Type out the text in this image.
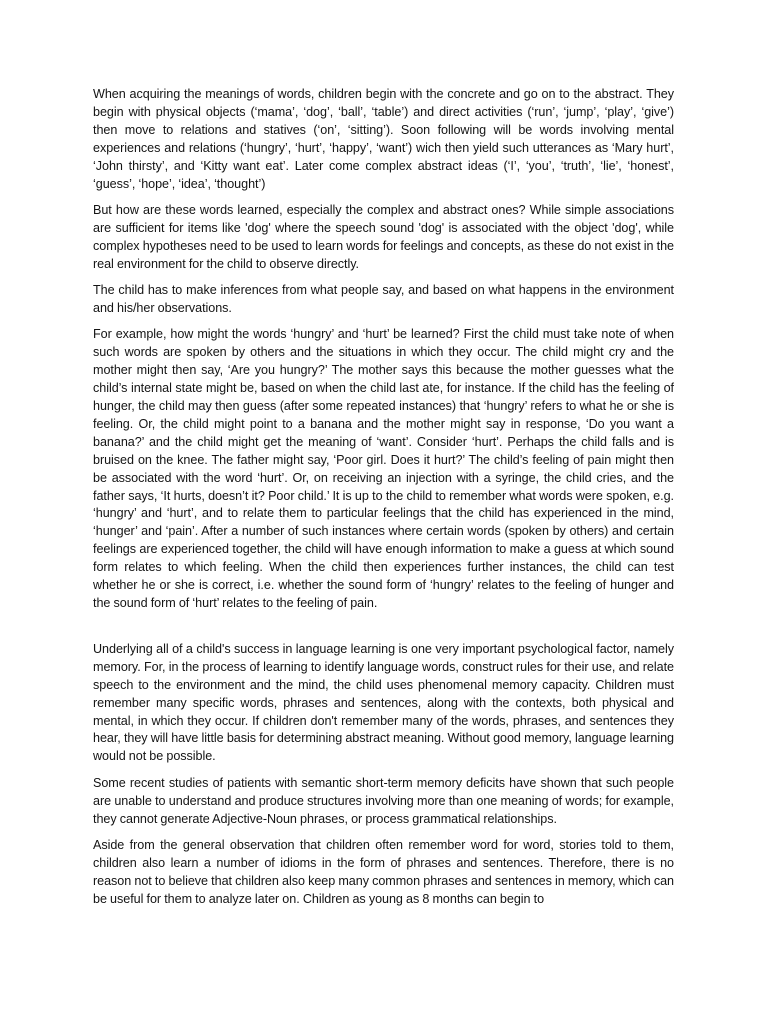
When acquiring the meanings of words, children begin with the concrete and go on to the abstract. They begin with physical objects (‘mama’, ‘dog’, ‘ball’, ‘table’) and direct activities (‘run’, ‘jump’, ‘play’, ‘give’) then move to relations and statives (‘on’, ‘sitting’). Soon following will be words involving mental experiences and relations (‘hungry’, ‘hurt’, ‘happy’, ‘want’) wich then yield such utterances as ‘Mary hurt’, ‘John thirsty’, and ‘Kitty want eat’. Later come complex abstract ideas (‘I’, ‘you’, ‘truth’, ‘lie’, ‘honest’, ‘guess’, ‘hope’, ‘idea’, ‘thought’)

But how are these words learned, especially the complex and abstract ones? While simple associations are sufficient for items like 'dog' where the speech sound 'dog' is associated with the object 'dog', while complex hypotheses need to be used to learn words for feelings and concepts, as these do not exist in the real environment for the child to observe directly.

The child has to make inferences from what people say, and based on what happens in the environment and his/her observations.

For example, how might the words ‘hungry’ and ‘hurt’ be learned? First the child must take note of when such words are spoken by others and the situations in which they occur. The child might cry and the mother might then say, ‘Are you hungry?’ The mother says this because the mother guesses what the child’s internal state might be, based on when the child last ate, for instance. If the child has the feeling of hunger, the child may then guess (after some repeated instances) that ‘hungry’ refers to what he or she is feeling. Or, the child might point to a banana and the mother might say in response, ‘Do you want a banana?’ and the child might get the meaning of ‘want’. Consider ‘hurt’. Perhaps the child falls and is bruised on the knee. The father might say, ‘Poor girl. Does it hurt?’ The child’s feeling of pain might then be associated with the word ‘hurt’. Or, on receiving an injection with a syringe, the child cries, and the father says, ‘It hurts, doesn’t it? Poor child.’ It is up to the child to remember what words were spoken, e.g. ‘hungry’ and ‘hurt’, and to relate them to particular feelings that the child has experienced in the mind, ‘hunger’ and ‘pain’. After a number of such instances where certain words (spoken by others) and certain feelings are experienced together, the child will have enough information to make a guess at which sound form relates to which feeling. When the child then experiences further instances, the child can test whether he or she is correct, i.e. whether the sound form of ‘hungry’ relates to the feeling of hunger and the sound form of ‘hurt’ relates to the feeling of pain.

Underlying all of a child's success in language learning is one very important psychological factor, namely memory. For, in the process of learning to identify language words, construct rules for their use, and relate speech to the environment and the mind, the child uses phenomenal memory capacity. Children must remember many specific words, phrases and sentences, along with the contexts, both physical and mental, in which they occur. If children don't remember many of the words, phrases, and sentences they hear, they will have little basis for determining abstract meaning. Without good memory, language learning would not be possible.

Some recent studies of patients with semantic short-term memory deficits have shown that such people are unable to understand and produce structures involving more than one meaning of words; for example, they cannot generate Adjective-Noun phrases, or process grammatical relationships.

Aside from the general observation that children often remember word for word, stories told to them, children also learn a number of idioms in the form of phrases and sentences. Therefore, there is no reason not to believe that children also keep many common phrases and sentences in memory, which can be useful for them to analyze later on. Children as young as 8 months can begin to
